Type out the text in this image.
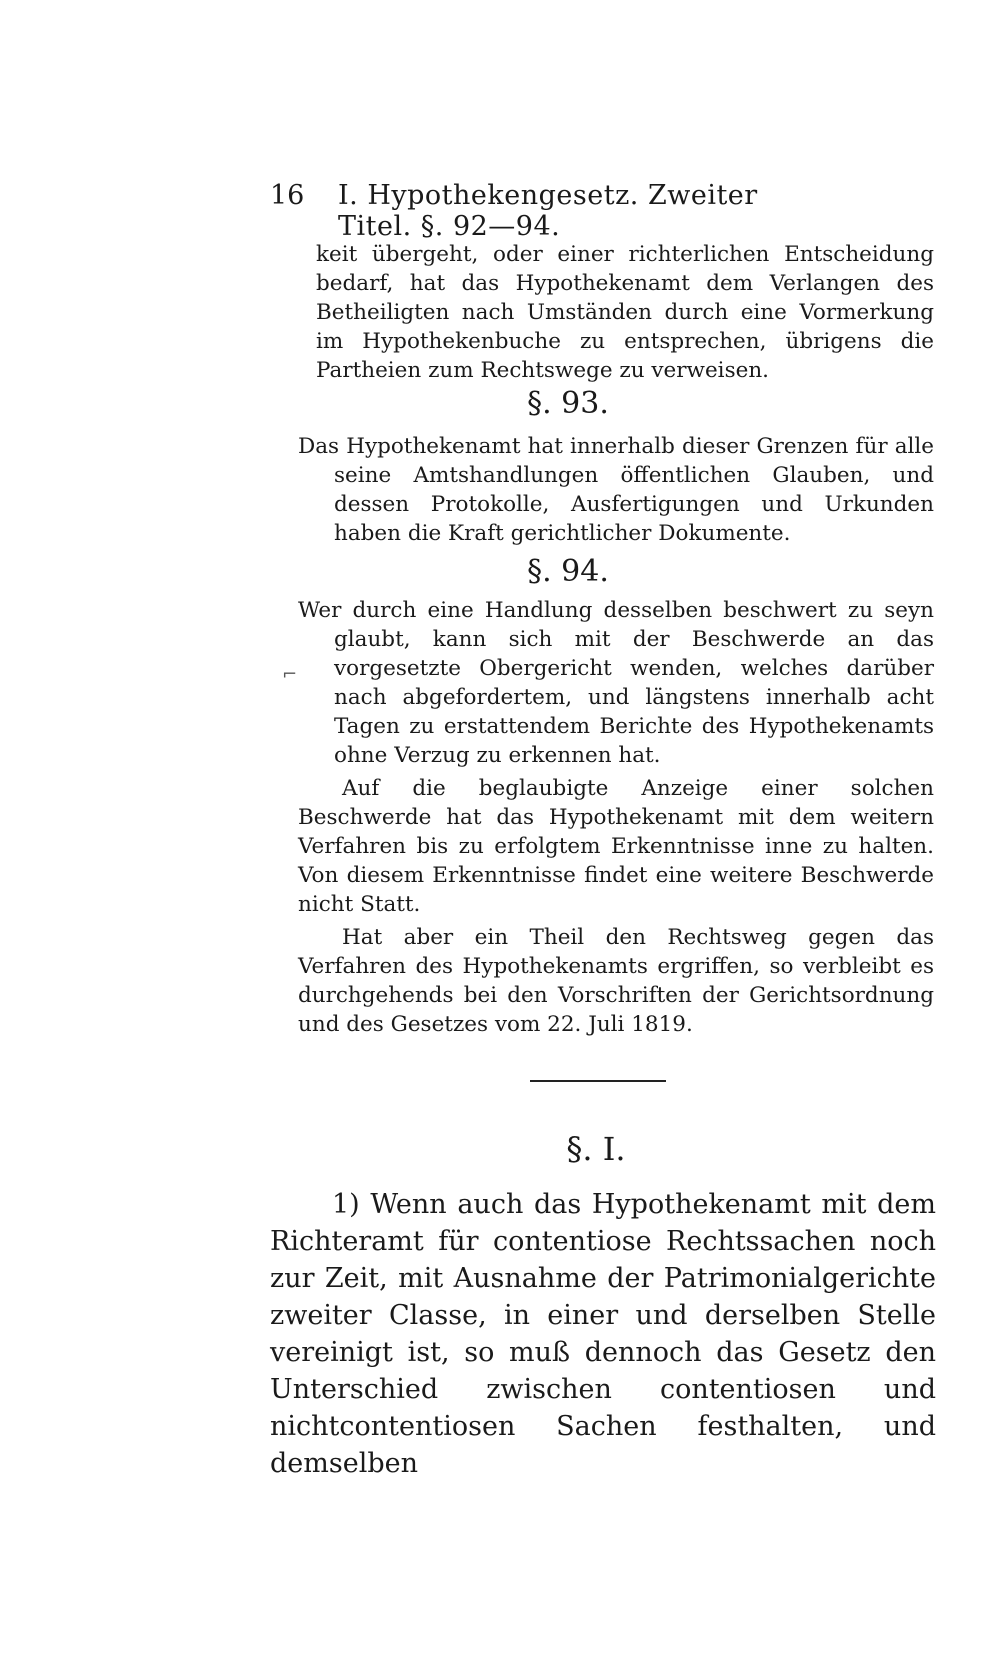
16	I. Hypothekengesetz. Zweiter Titel. §. 92—94.

keit übergeht, oder einer richterlichen Entscheidung bedarf, hat das Hypothekenamt dem Verlangen des Betheiligten nach Umständen durch eine Vormerkung im Hypothekenbuche zu entsprechen, übrigens die Partheien zum Rechtswege zu verweisen.

§. 93.

Das Hypothekenamt hat innerhalb dieser Grenzen für alle seine Amtshandlungen öffentlichen Glauben, und dessen Protokolle, Ausfertigungen und Urkunden haben die Kraft gerichtlicher Dokumente.

§. 94.

Wer durch eine Handlung desselben beschwert zu seyn glaubt, kann sich mit der Beschwerde an das vorgesetzte Obergericht wenden, welches darüber nach abgefordertem, und längstens innerhalb acht Tagen zu erstattendem Berichte des Hypothekenamts ohne Verzug zu erkennen hat.

Auf die beglaubigte Anzeige einer solchen Beschwerde hat das Hypothekenamt mit dem weitern Verfahren bis zu erfolgtem Erkenntnisse inne zu halten. Von diesem Erkenntnisse findet eine weitere Beschwerde nicht Statt.

Hat aber ein Theil den Rechtsweg gegen das Verfahren des Hypothekenamts ergriffen, so verbleibt es durchgehends bei den Vorschriften der Gerichtsordnung und des Gesetzes vom 22. Juli 1819.

⌐
§. I.

1) Wenn auch das Hypothekenamt mit dem Richteramt für contentiose Rechtssachen noch zur Zeit, mit Ausnahme der Patrimonialgerichte zweiter Classe, in einer und derselben Stelle vereinigt ist, so muß dennoch das Gesetz den Unterschied zwischen contentiosen und nichtcontentiosen Sachen festhalten, und demselben
